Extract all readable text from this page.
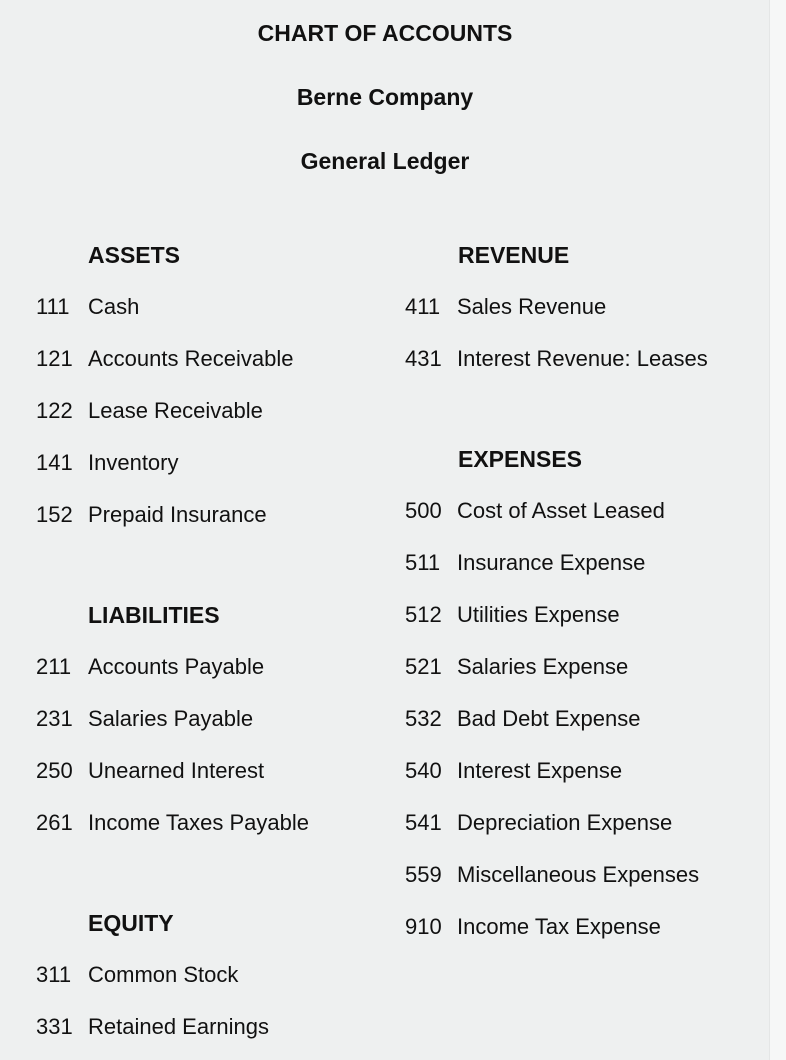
CHART OF ACCOUNTS
Berne Company
General Ledger
ASSETS
111 Cash
121 Accounts Receivable
122 Lease Receivable
141 Inventory
152 Prepaid Insurance
LIABILITIES
211 Accounts Payable
231 Salaries Payable
250 Unearned Interest
261 Income Taxes Payable
EQUITY
311 Common Stock
331 Retained Earnings
REVENUE
411 Sales Revenue
431 Interest Revenue: Leases
EXPENSES
500 Cost of Asset Leased
511 Insurance Expense
512 Utilities Expense
521 Salaries Expense
532 Bad Debt Expense
540 Interest Expense
541 Depreciation Expense
559 Miscellaneous Expenses
910 Income Tax Expense
